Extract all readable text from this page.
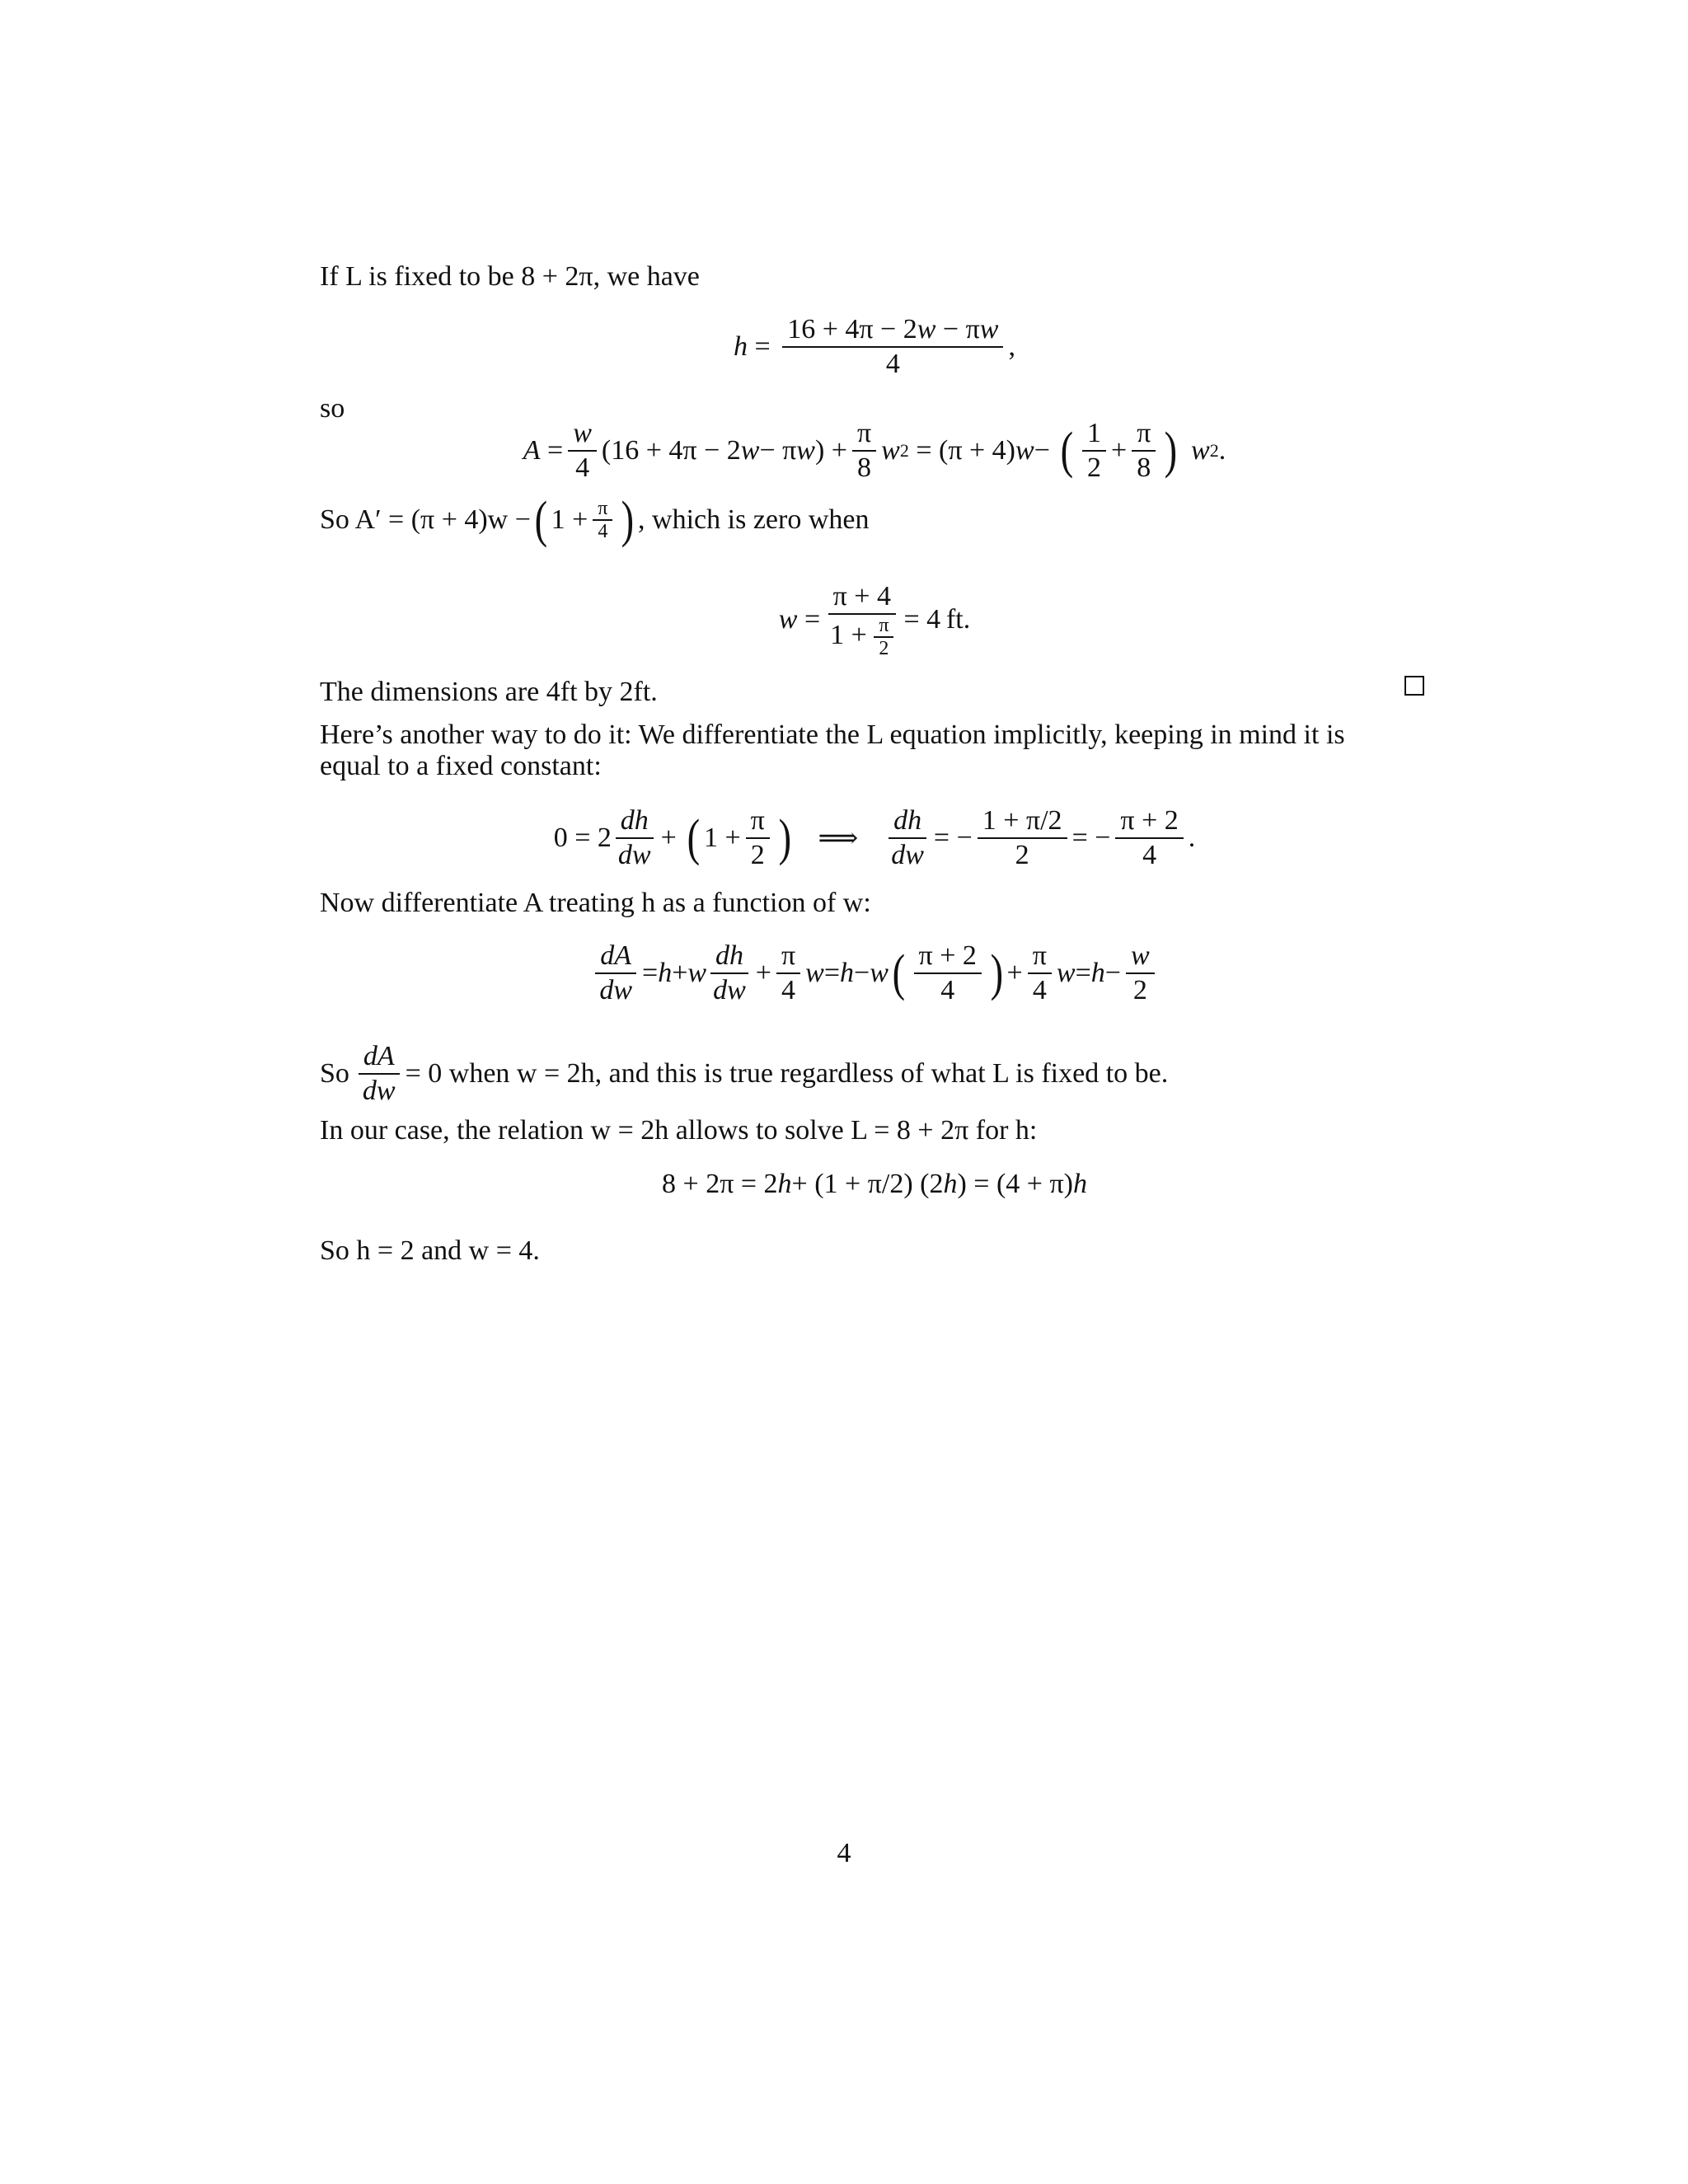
If L is fixed to be 8 + 2π, we have
$h = \frac{16 + 4\pi - 2w - \pi w}{4}$ ,
so
$A = \frac{w}{4} (16 + 4\pi - 2$ w − π w ) + $\frac{\pi}{8}$ w 2 = (π + 4) w − ( $\frac{1}{2} + \frac{\pi}{8}$ ) w 2 .
So A′ = (π + 4)w − ( $1 + \frac{\pi}{4}$ ) , which is zero when
$w = \frac{\pi + 4}{1 + \frac{\pi}{2}} = 4$ ft.
The dimensions are 4ft by 2ft.
Here’s another way to do it: We differentiate the L equation implicitly, keeping in mind it is
equal to a fixed constant:
$0 = 2 \frac{dh}{dw}$ + ( $1 + \frac{\pi}{2}$ ) ⟹ $\frac{dh}{dw}$ = − $\frac{1 + \pi/2}{2}$ = − $\frac{\pi + 2}{4}$ .
Now differentiate A treating h as a function of w:
$\frac{dA}{dw} = h + w \frac{dh}{dw} + \frac{\pi}{4}$ w = h − w ( $\frac{\pi + 2}{4}$ ) + $\frac{\pi}{4}$ $w = h - \frac{w}{2}$
So $\frac{dA}{dw} = 0$ when w = 2h, and this is true regardless of what L is fixed to be.
In our case, the relation w = 2h allows to solve L = 8 + 2π for h:
8 + 2π = 2 h + (1 + π/2) (2 h ) = (4 + π) h
So h = 2 and w = 4.
4
